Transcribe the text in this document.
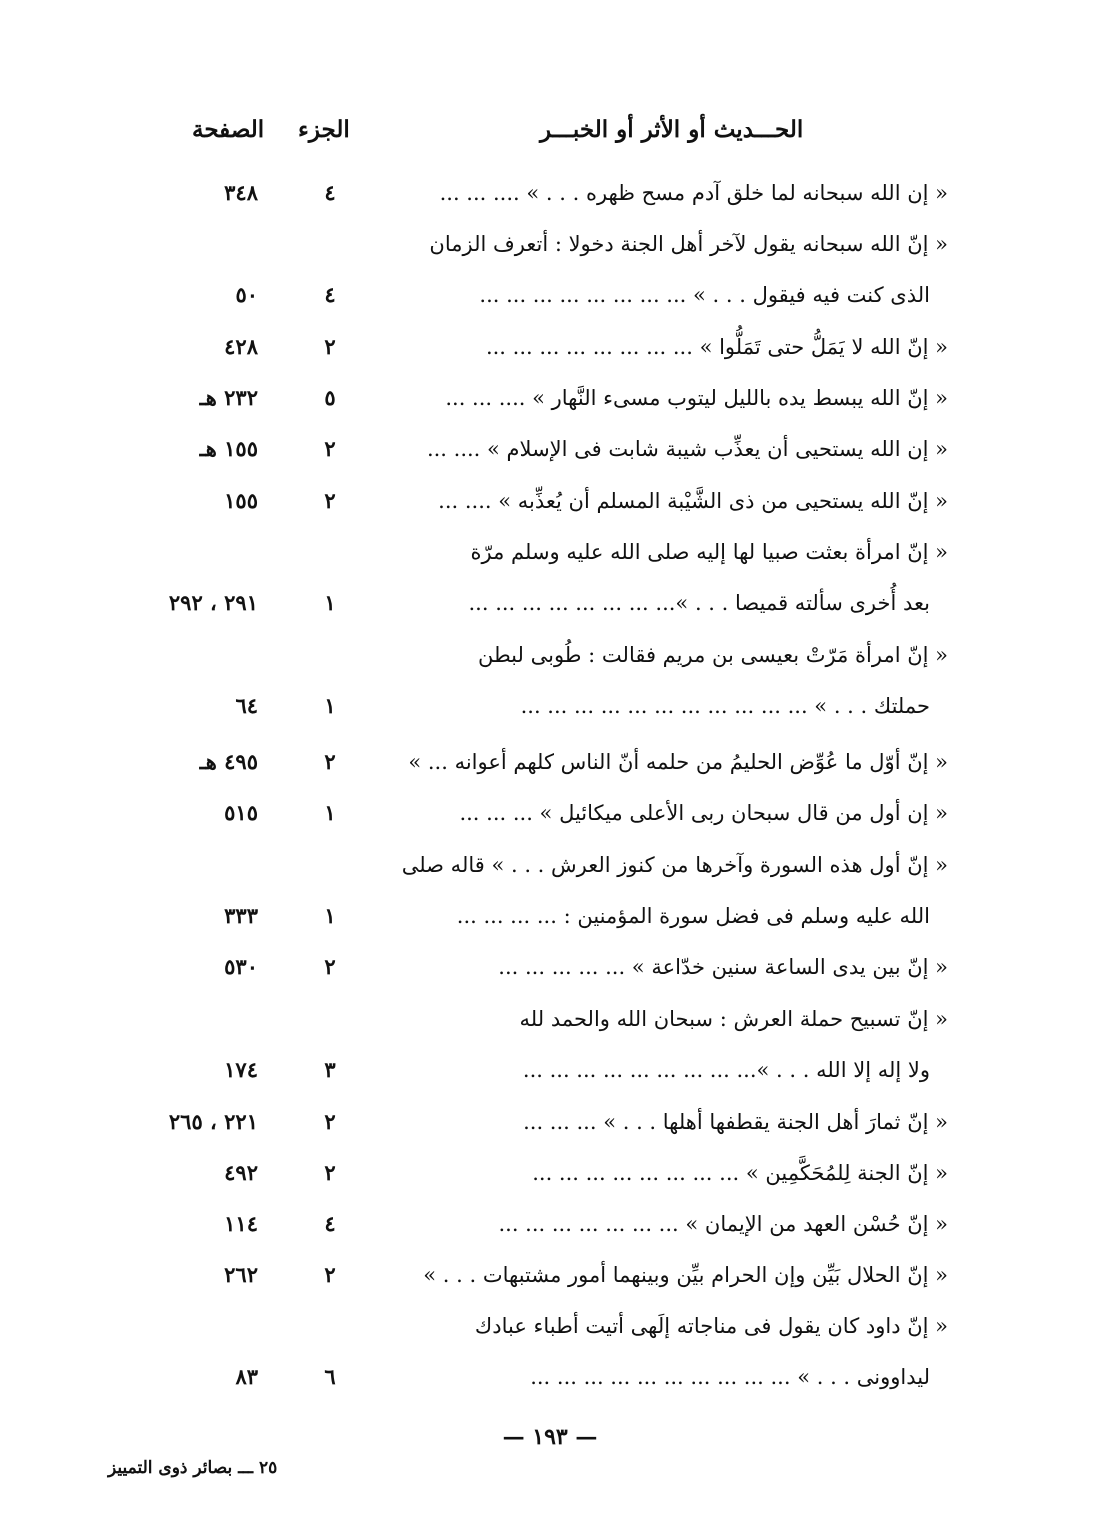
الحـــديث أو الأثر أو الخبـــر
الجزء
الصفحة
« إن الله سبحانه لما خلق آدم مسح ظهره . . . » .... ... ...
٤
٣٤٨
« إنّ الله سبحانه يقول لآخر أهل الجنة دخولا : أتعرف الزمان
الذى كنت فيه فيقول . . . » ... ... ... ... ... ... ... ...
٤
٥٠
« إنّ الله لا يَمَلُّ حتى تَمَلُّوا » ... ... ... ... ... ... ... ...
٢
٤٢٨
« إنّ الله يبسط يده بالليل ليتوب مسىء النَّهار » .... ... ...
٥
٢٣٢ هـ
« إن الله يستحيى أن يعذِّب شيبة شابت فى الإسلام » .... ...
٢
١٥٥ هـ
« إنّ الله يستحيى من ذى الشَّيْبة المسلم أن يُعذِّبه » .... ...
٢
١٥٥
« إنّ امرأة بعثت صبيا لها إليه صلى الله عليه وسلم مرّة
بعد أُخرى سألته قميصا . . . »... ... ... ... ... ... ... ...
١
٢٩١ ، ٢٩٢
« إنّ امرأة مَرّتْ بعيسى بن مريم فقالت : طُوبى لبطن
حملتك . . . » ... ... ... ... ... ... ... ... ... ... ...
١
٦٤
« إنّ أوّل ما عُوِّض الحليمُ من حلمه أنّ الناس كلهم أعوانه ... »
٢
٤٩٥ هـ
« إن أول من قال سبحان ربى الأعلى ميكائيل » ... ... ...
١
٥١٥
« إنّ أول هذه السورة وآخرها من كنوز العرش . . . » قاله صلى
الله عليه وسلم فى فضل سورة المؤمنين : ... ... ... ...
١
٣٣٣
« إنّ بين يدى الساعة سنين خدّاعة » ... ... ... ... ...
٢
٥٣٠
« إنّ تسبيح حملة العرش : سبحان الله والحمد لله
ولا إله إلا الله . . . »... ... ... ... ... ... ... ... ...
٣
١٧٤
« إنّ ثمارَ أهل الجنة يقطفها أهلها . . . » ... ... ...
٢
٢٢١ ، ٢٦٥
« إنّ الجنة لِلمُحَكَّمِين » ... ... ... ... ... ... ... ...
٢
٤٩٢
« إنّ حُسْن العهد من الإيمان » ... ... ... ... ... ... ...
٤
١١٤
« إنّ الحلال بَيِّن وإن الحرام بيِّن وبينهما أمور مشتبهات . . . »
٢
٢٦٢
« إنّ داود كان يقول فى مناجاته إلَهى أتيت أطباء عبادك
ليداوونى . . . » ... ... ... ... ... ... ... ... ... ...
٦
٨٣
— ١٩٣ —
٢٥ ـــ بصائر ذوى التمييز
